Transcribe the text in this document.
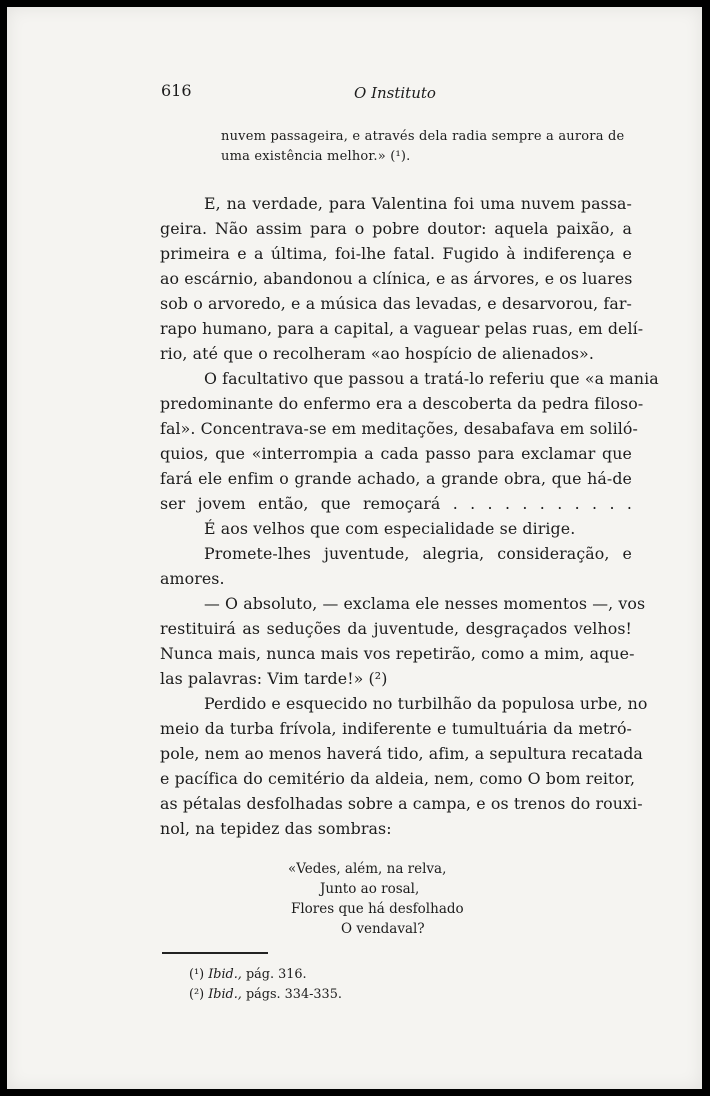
616	O Instituto
nuvem passageira, e através dela radia sempre a aurora de
uma existência melhor.» (¹).
E, na verdade, para Valentina foi uma nuvem passa-
geira. Não assim para o pobre doutor: aquela paixão, a
primeira e a última, foi-lhe fatal. Fugido à indiferença e
ao escárnio, abandonou a clínica, e as árvores, e os luares
sob o arvoredo, e a música das levadas, e desarvorou, far-
rapo humano, para a capital, a vaguear pelas ruas, em delí-
rio, até que o recolheram «ao hospício de alienados».
O facultativo que passou a tratá-lo referiu que «a mania
predominante do enfermo era a descoberta da pedra filoso-
fal». Concentrava-se em meditações, desabafava em soliló-
quios, que «interrompia a cada passo para exclamar que
fará ele enfim o grande achado, a grande obra, que há-de
ser jovem então, que remoçará . . . . . . . . . . .
É aos velhos que com especialidade se dirige.
Promete-lhes juventude, alegria, consideração, e
amores.
— O absoluto, — exclama ele nesses momentos —, vos
restituirá as seduções da juventude, desgraçados velhos!
Nunca mais, nunca mais vos repetirão, como a mim, aque-
las palavras: Vim tarde!» (²)
Perdido e esquecido no turbilhão da populosa urbe, no
meio da turba frívola, indiferente e tumultuária da metró-
pole, nem ao menos haverá tido, afim, a sepultura recatada
e pacífica do cemitério da aldeia, nem, como O bom reitor,
as pétalas desfolhadas sobre a campa, e os trenos do rouxi-
nol, na tepidez das sombras:
«Vedes, além, na relva,
Junto ao rosal,
Flores que há desfolhado
O vendaval?
(¹) Ibid., pág. 316.
(²) Ibid., págs. 334-335.
